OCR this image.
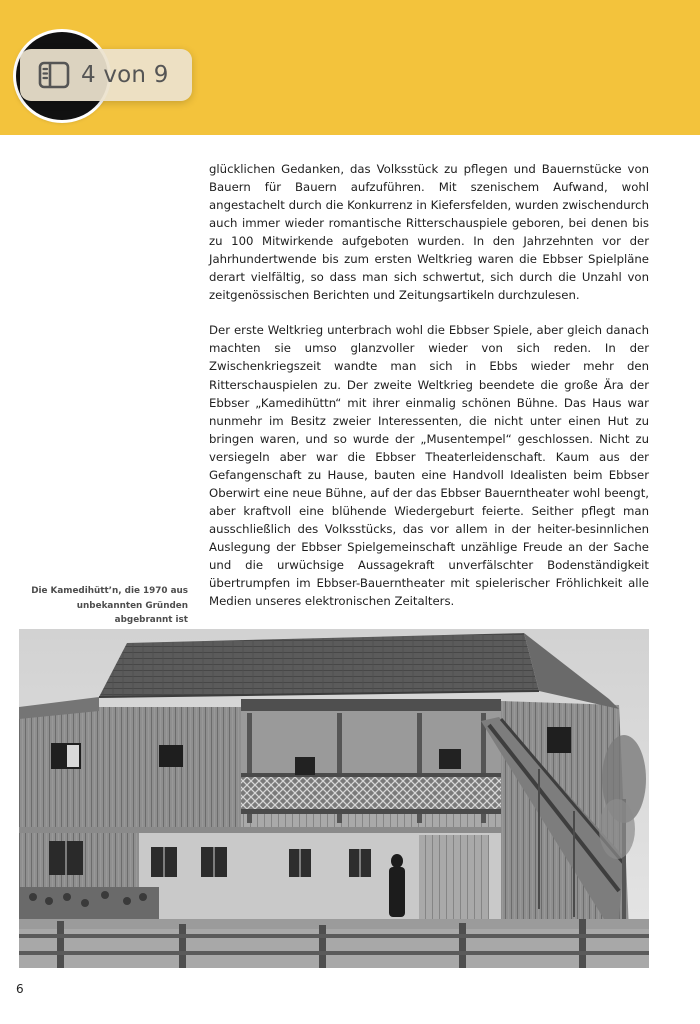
4 von 9

glücklichen Gedanken, das Volksstück zu pflegen und Bauernstücke von Bauern für Bauern aufzuführen. Mit szenischem Aufwand, wohl angestachelt durch die Konkurrenz in Kiefersfelden, wurden zwischendurch auch immer wieder romantische Ritterschauspiele geboren, bei denen bis zu 100 Mitwirkende aufgeboten wurden. In den Jahrzehnten vor der Jahrhundertwende bis zum ersten Weltkrieg waren die Ebbser Spielpläne derart vielfältig, so dass man sich schwertut, sich durch die Unzahl von zeitgenössischen Berichten und Zeitungsartikeln durchzulesen.

Der erste Weltkrieg unterbrach wohl die Ebbser Spiele, aber gleich danach machten sie umso glanzvoller wieder von sich reden. In der Zwischenkriegszeit wandte man sich in Ebbs wieder mehr den Ritterschauspielen zu. Der zweite Weltkrieg beendete die große Ära der Ebbser „Kamedihüttn“ mit ihrer einmalig schönen Bühne. Das Haus war nunmehr im Besitz zweier Interessenten, die nicht unter einen Hut zu bringen waren, und so wurde der „Musentempel“ geschlossen. Nicht zu versiegeln aber war die Ebbser Theaterleidenschaft. Kaum aus der Gefangenschaft zu Hause, bauten eine Handvoll Idealisten beim Ebbser Oberwirt eine neue Bühne, auf der das Ebbser Bauerntheater wohl beengt, aber kraftvoll eine blühende Wiedergeburt feierte. Seither pflegt man ausschließlich des Volksstücks, das vor allem in der heiter-besinnlichen Auslegung der Ebbser Spielgemeinschaft unzählige Freude an der Sache und die urwüchsige Aussagekraft unverfälschter Bodenständigkeit übertrumpfen im Ebbser-Bauerntheater mit spielerischer Fröhlichkeit alle Medien unseres elektronischen Zeitalters.

Die Kamedihütt’n, die 1970 aus unbekannten Gründen abgebrannt ist
6
